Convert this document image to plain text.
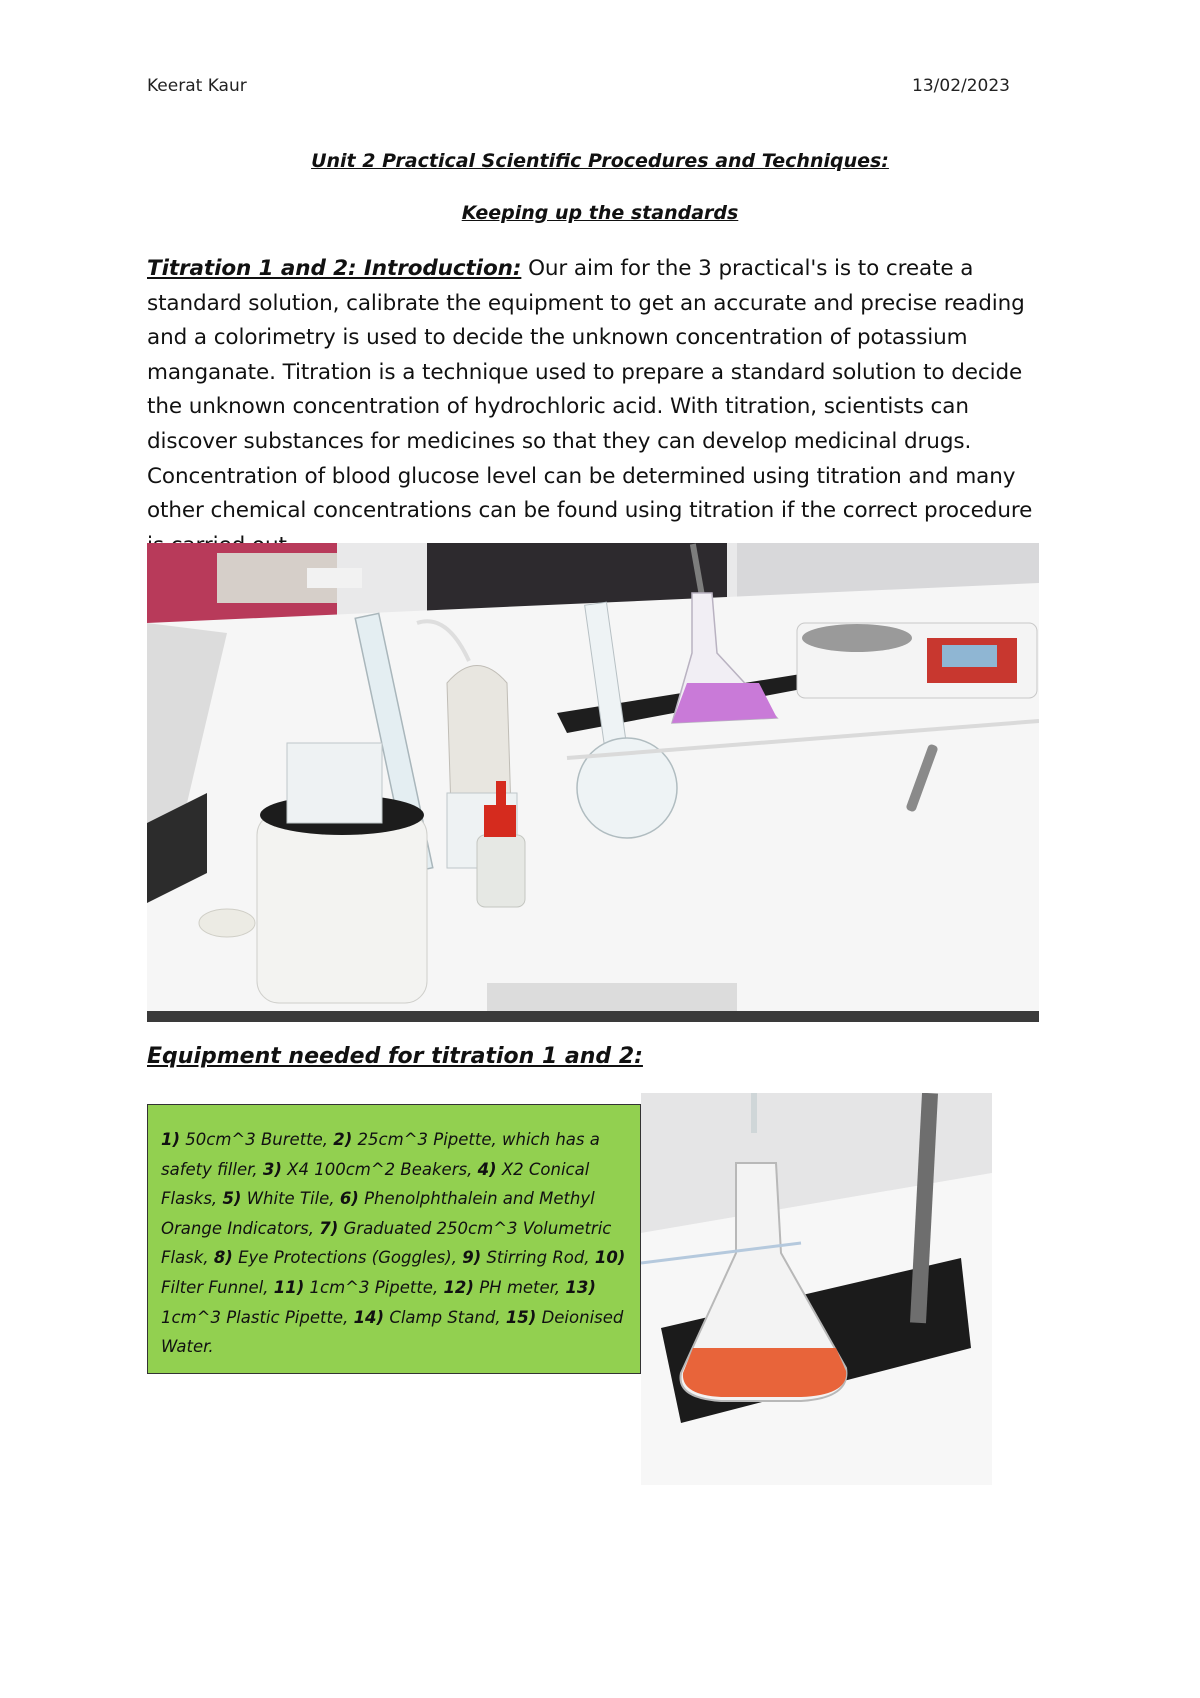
Keerat Kaur	13/02/2023
Unit 2 Practical Scientific Procedures and Techniques:
Keeping up the standards
Titration 1 and 2: Introduction: Our aim for the 3 practical's is to create a standard solution, calibrate the equipment to get an accurate and precise reading and a colorimetry is used to decide the unknown concentration of potassium manganate. Titration is a technique used to prepare a standard solution to decide the unknown concentration of hydrochloric acid. With titration, scientists can discover substances for medicines so that they can develop medicinal drugs. Concentration of blood glucose level can be determined using titration and many other chemical concentrations can be found using titration if the correct procedure
Equipment needed for titration 1 and 2:
1) 50cm^3 Burette, 2) 25cm^3 Pipette, which has a safety filler, 3) X4 100cm^2 Beakers, 4) X2 Conical Flasks, 5) White Tile, 6) Phenolphthalein and Methyl Orange Indicators, 7) Graduated 250cm^3 Volumetric Flask, 8) Eye Protections (Goggles), 9) Stirring Rod, 10) Filter Funnel, 11) 1cm^3 Pipette, 12) PH meter, 13) 1cm^3 Plastic Pipette, 14) Clamp Stand, 15) Deionised Water.
